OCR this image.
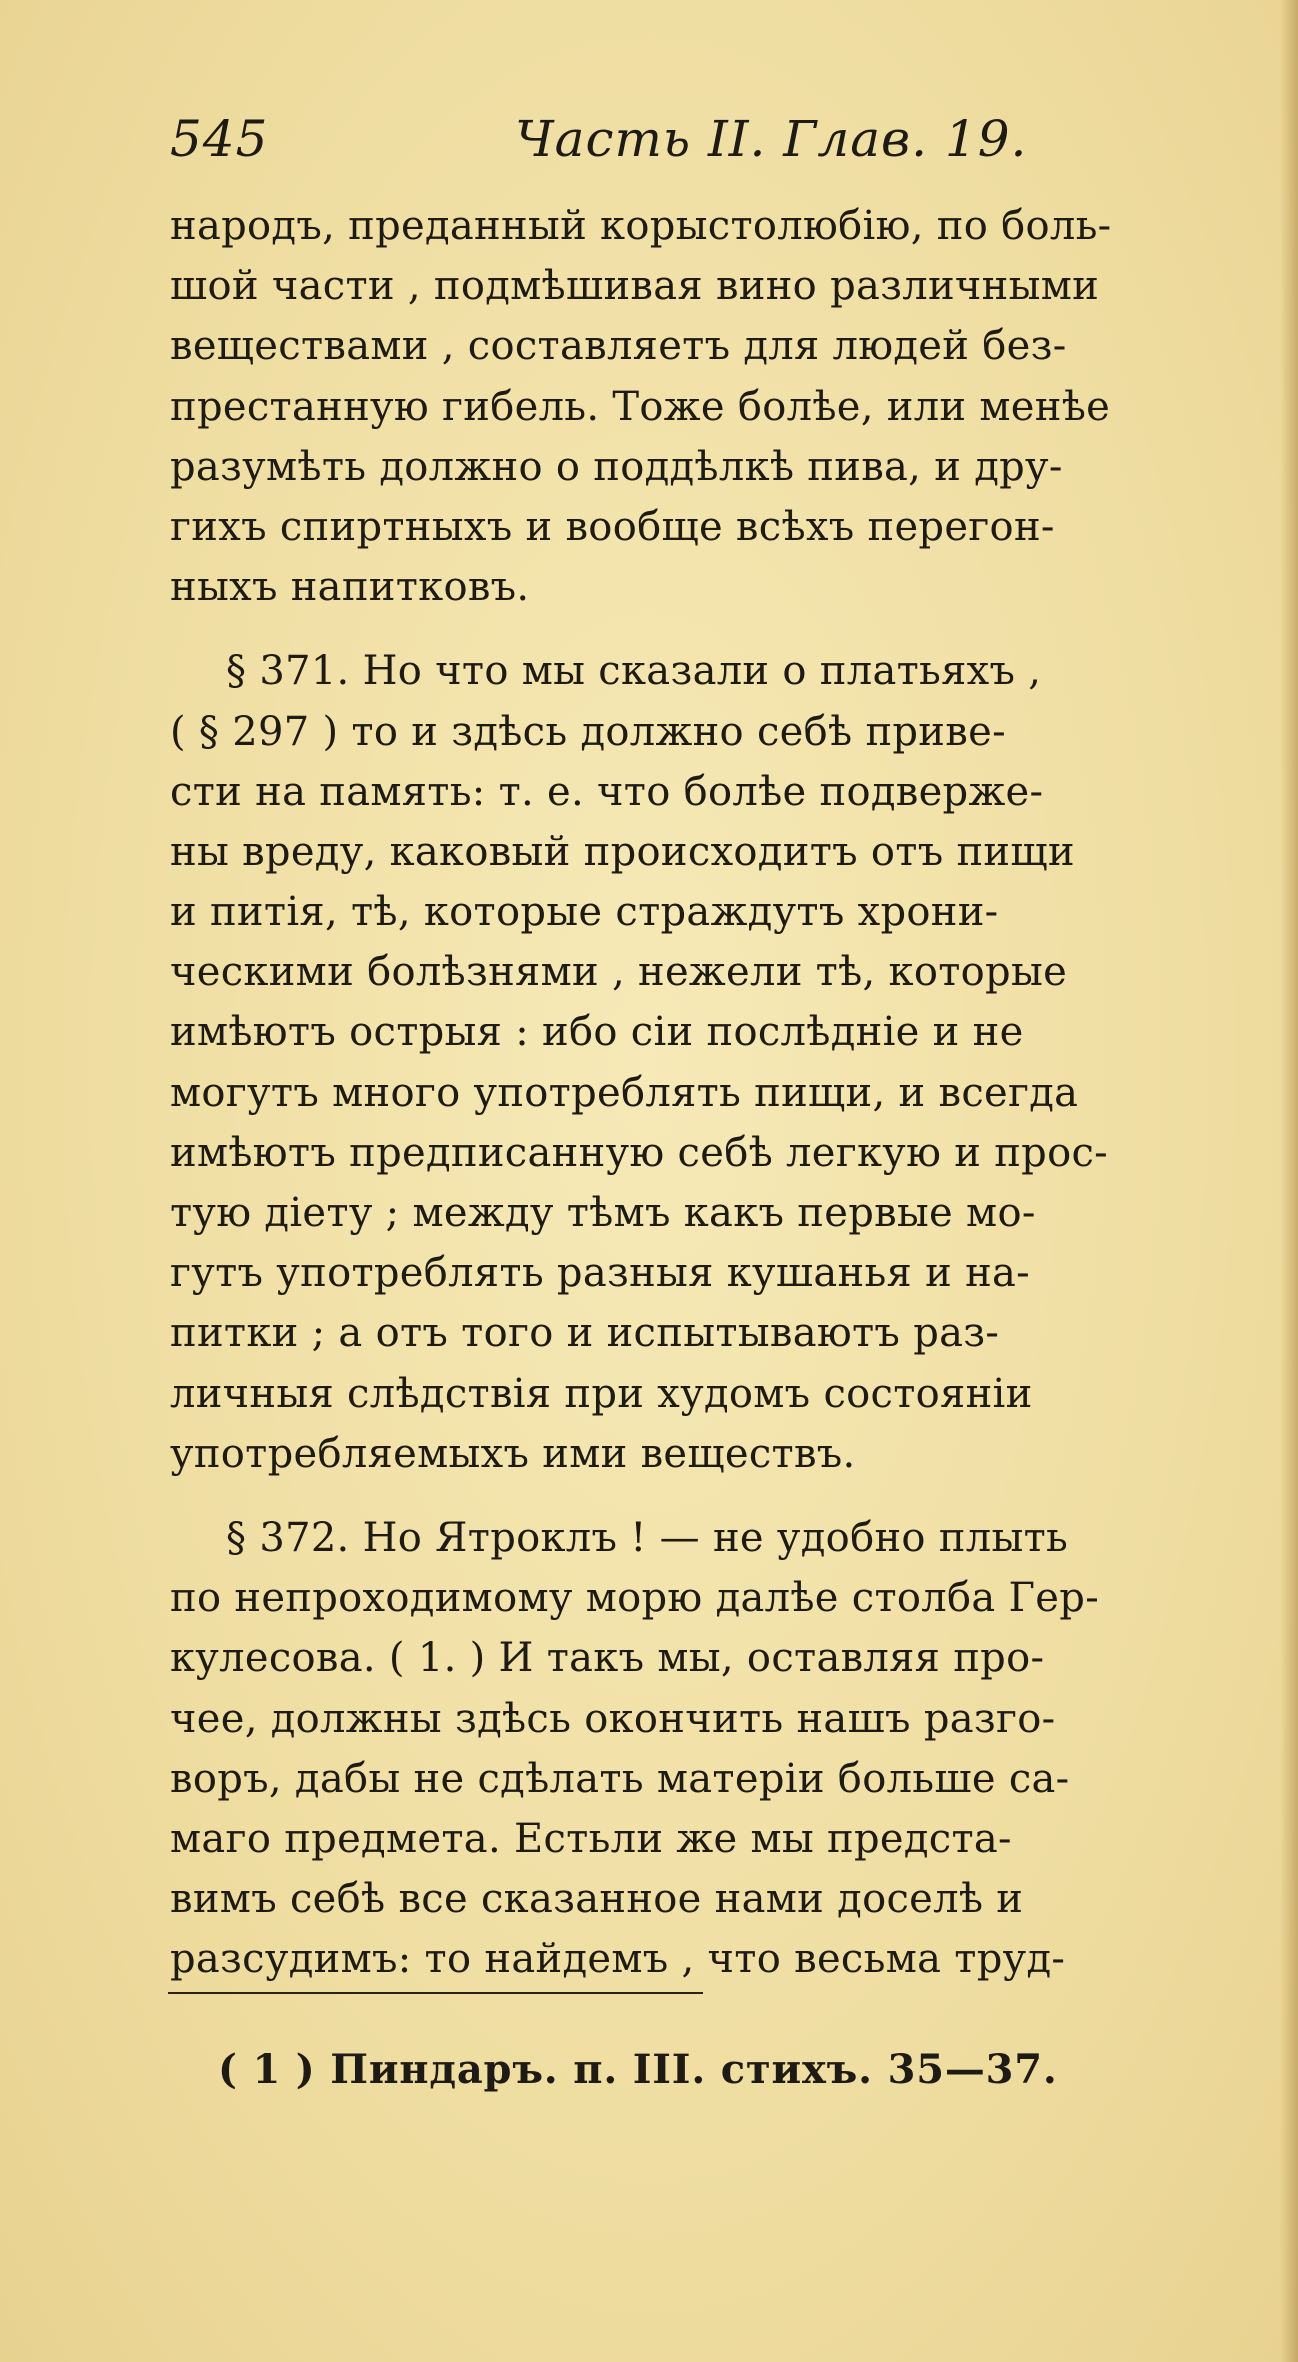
545	Часть II. Глав. 19.
народъ, преданный корыстолюбію, по боль-
шой части , подмѣшивая вино различными
веществами , составляетъ для людей без-
престанную гибель. Тоже болѣе, или менѣе
разумѣть должно о поддѣлкѣ пива, и дру-
гихъ спиртныхъ и вообще всѣхъ перегон-
ныхъ напитковъ.
§ 371. Но что мы сказали о платьяхъ ,
( § 297 ) то и здѣсь должно себѣ приве-
сти на память: т. е. что болѣе подверже-
ны вреду, каковый происходитъ отъ пищи
и питія, тѣ, которые страждутъ хрони-
ческими болѣзнями , нежели тѣ, которые
имѣютъ острыя : ибо сіи послѣдніе и не
могутъ много употреблять пищи, и всегда
имѣютъ предписанную себѣ легкую и прос-
тую діету ; между тѣмъ какъ первые мо-
гутъ употреблять разныя кушанья и на-
питки ; а отъ того и испытываютъ раз-
личныя слѣдствія при худомъ состояніи
употребляемыхъ ими веществъ.
§ 372. Но Ятроклъ ! — не удобно плыть
по непроходимому морю далѣе столба Гер-
кулесова. ( 1. ) И такъ мы, оставляя про-
чее, должны здѣсь окончить нашъ разго-
воръ, дабы не сдѣлать матеріи больше са-
маго предмета. Естьли же мы предста-
вимъ себѣ все сказанное нами доселѣ и
разсудимъ: то найдемъ , что весьма труд-
( 1 ) Пиндаръ. п. III. стихъ. 35—37.
